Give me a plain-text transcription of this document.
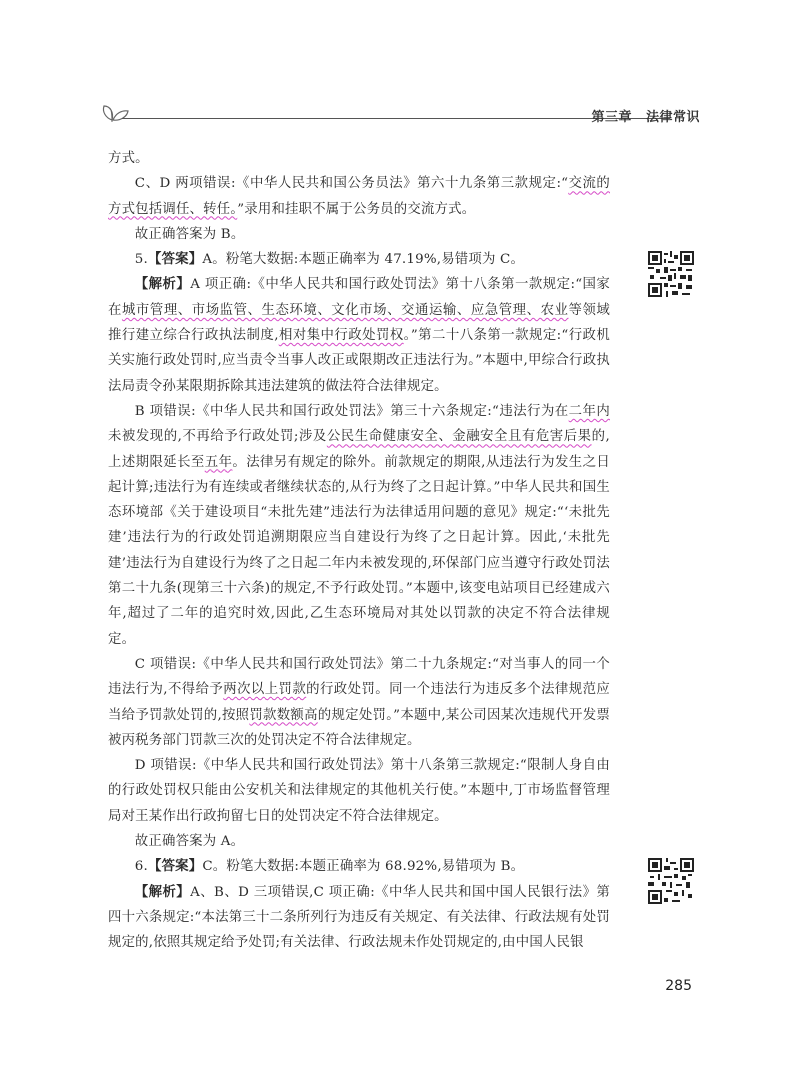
第三章 法律常识

方式。

C、D 两项错误:《中华人民共和国公务员法》第六十九条第三款规定:“交流的方式包括调任、转任。”录用和挂职不属于公务员的交流方式。

故正确答案为 B。

5.【答案】A。粉笔大数据:本题正确率为 47.19%,易错项为 C。

【解析】A 项正确:《中华人民共和国行政处罚法》第十八条第一款规定:“国家在城市管理、市场监管、生态环境、文化市场、交通运输、应急管理、农业等领域推行建立综合行政执法制度,相对集中行政处罚权。”第二十八条第一款规定:“行政机关实施行政处罚时,应当责令当事人改正或限期改正违法行为。”本题中,甲综合行政执法局责令孙某限期拆除其违法建筑的做法符合法律规定。

B 项错误:《中华人民共和国行政处罚法》第三十六条规定:“违法行为在二年内未被发现的,不再给予行政处罚;涉及公民生命健康安全、金融安全且有危害后果的,上述期限延长至五年。法律另有规定的除外。前款规定的期限,从违法行为发生之日起计算;违法行为有连续或者继续状态的,从行为终了之日起计算。”中华人民共和国生态环境部《关于建设项目“未批先建”违法行为法律适用问题的意见》规定:“‘未批先建’违法行为的行政处罚追溯期限应当自建设行为终了之日起计算。因此,‘未批先建’违法行为自建设行为终了之日起二年内未被发现的,环保部门应当遵守行政处罚法第二十九条(现第三十六条)的规定,不予行政处罚。”本题中,该变电站项目已经建成六年,超过了二年的追究时效,因此,乙生态环境局对其处以罚款的决定不符合法律规定。

C 项错误:《中华人民共和国行政处罚法》第二十九条规定:“对当事人的同一个违法行为,不得给予两次以上罚款的行政处罚。同一个违法行为违反多个法律规范应当给予罚款处罚的,按照罚款数额高的规定处罚。”本题中,某公司因某次违规代开发票被丙税务部门罚款三次的处罚决定不符合法律规定。

D 项错误:《中华人民共和国行政处罚法》第十八条第三款规定:“限制人身自由的行政处罚权只能由公安机关和法律规定的其他机关行使。”本题中,丁市场监督管理局对王某作出行政拘留七日的处罚决定不符合法律规定。

故正确答案为 A。

6.【答案】C。粉笔大数据:本题正确率为 68.92%,易错项为 B。

【解析】A、B、D 三项错误,C 项正确:《中华人民共和国中国人民银行法》第四十六条规定:“本法第三十二条所列行为违反有关规定、有关法律、行政法规有处罚规定的,依照其规定给予处罚;有关法律、行政法规未作处罚规定的,由中国人民银

285
